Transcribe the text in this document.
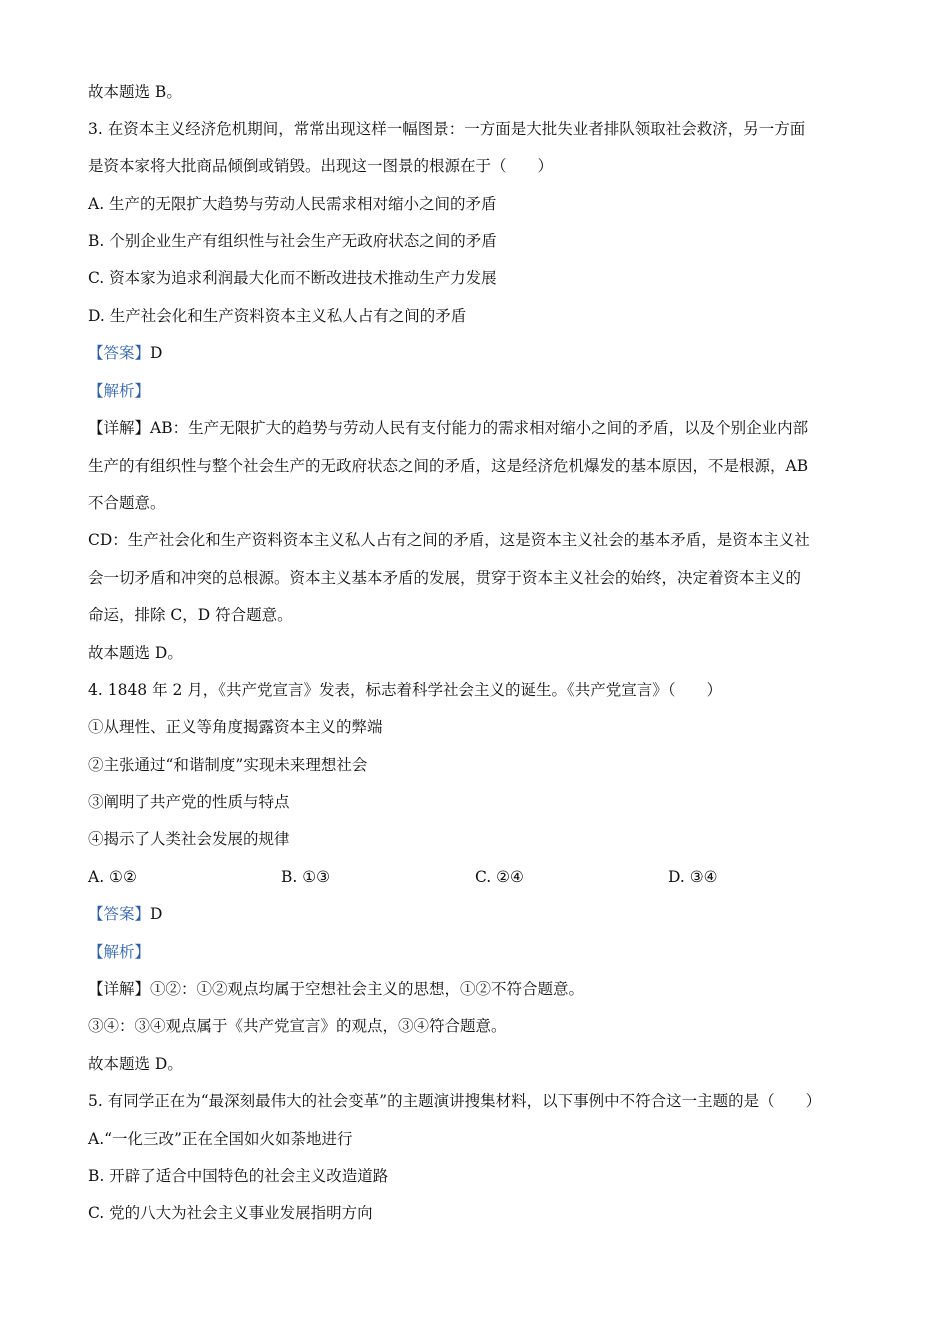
故本题选 B。
3. 在资本主义经济危机期间，常常出现这样一幅图景：一方面是大批失业者排队领取社会救济，另一方面
是资本家将大批商品倾倒或销毁。出现这一图景的根源在于（　　）
A. 生产的无限扩大趋势与劳动人民需求相对缩小之间的矛盾
B. 个别企业生产有组织性与社会生产无政府状态之间的矛盾
C. 资本家为追求利润最大化而不断改进技术推动生产力发展
D. 生产社会化和生产资料资本主义私人占有之间的矛盾
【答案】D
【解析】
【详解】AB：生产无限扩大的趋势与劳动人民有支付能力的需求相对缩小之间的矛盾，以及个别企业内部
生产的有组织性与整个社会生产的无政府状态之间的矛盾，这是经济危机爆发的基本原因，不是根源，AB
不合题意。
CD：生产社会化和生产资料资本主义私人占有之间的矛盾，这是资本主义社会的基本矛盾，是资本主义社
会一切矛盾和冲突的总根源。资本主义基本矛盾的发展，贯穿于资本主义社会的始终，决定着资本主义的
命运，排除 C，D 符合题意。
故本题选 D。
4. 1848 年 2 月，《共产党宣言》发表，标志着科学社会主义的诞生。《共产党宣言》（　　）
①从理性、正义等角度揭露资本主义的弊端
②主张通过“和谐制度”实现未来理想社会
③阐明了共产党的性质与特点
④揭示了人类社会发展的规律
A. ①②	B. ①③	C. ②④	D. ③④
【答案】D
【解析】
【详解】①②：①②观点均属于空想社会主义的思想，①②不符合题意。
③④：③④观点属于《共产党宣言》的观点，③④符合题意。
故本题选 D。
5. 有同学正在为“最深刻最伟大的社会变革”的主题演讲搜集材料，以下事例中不符合这一主题的是（　　）
A.“一化三改”正在全国如火如荼地进行
B. 开辟了适合中国特色的社会主义改造道路
C. 党的八大为社会主义事业发展指明方向
